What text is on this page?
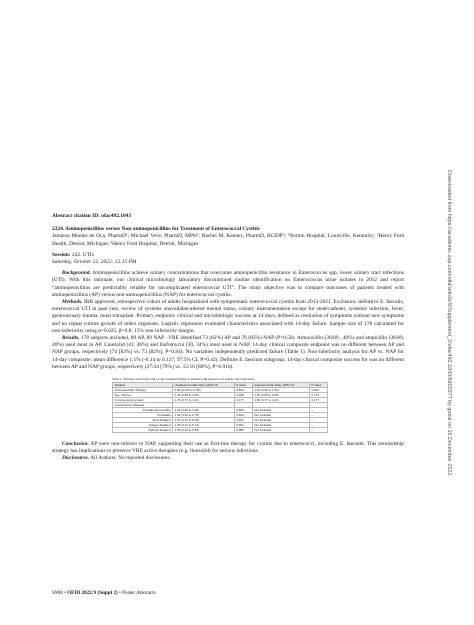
Abstract citation ID: ofac492.1843

2224. Aminopenicillins versus Non-aminopenicillins for Treatment of Enterococcal Cystitis

Jamison Montes de Oca, PharmD¹; Michael Veve, PharmD, MPH²; Rachel M. Kenney, PharmD, BCIDP³; ¹Norton Hospital, Louisville, Kentucky; ²Henry Ford Health, Detroit, Michigan; ³Henry Ford Hospital, Detroit, Michigan

Session: 242. UTIs

Saturday, October 22, 2022: 12:15 PM

Background. Aminopenicillins achieve urinary concentrations that overcome aminopenicillin resistance in Enterococcus spp. lower urinary tract infections (UTI). With this rationale, our clinical microbiology laboratory discontinued routine identification on Enterococcus urine isolates in 2012 and report “aminopenicillins are predictably reliable for uncomplicated enterococcal UTI”. The study objective was to compare outcomes of patients treated with aminopenicillins (AP) versus non-aminopenicillins (NAP) for enterococcal cystitis.

Methods. IRB approved, retrospective cohort of adults hospitalized with symptomatic enterococcal cystitis from 2013-2021. Exclusion: definitive E. faecalis, enterococcal UTI in past year, review of systems unavailable/altered mental status, urinary instrumentation except for stent/catheter, systemic infection, fever, genitourinary trauma, renal transplant. Primary endpoint: clinical and microbiologic success at 14 days, defined as resolution of symptoms without new symptoms and no repeat culture growth of index organism. Logistic regression evaluated characteristics associated with 14-day failure. Sample size of 178 calculated for non-inferiority using α=0.025, β=0.8, 15% non-inferiority margin.

Results. 178 subjects included, 89 AP, 89 NAP . VRE identified 73 (82%) AP and 76 (85%) NAP (P=0.50). Amoxicillin (36/89 , 40%) and ampicillin (36/89, 40%) used most in AP. Linezolid (41, 46%) and fosfomycin (30, 34%) most used in NAP. 14-day clinical composite endpoint was no different between AP and NAP groups, respectively (74 [83%] vs. 73 [82%], P=0.84). No variables independently predicted failure (Table 1). Non-inferiority analysis for AP vs. NAP for 14-day composite: mean difference 1.1% (-0.14 to 0.127, 97.5% CI, P=0.42). Definite E. faecium subgroup: 14-day clinical composite success for was no different between AP and NAP groups, respectively (27/34 [79%] vs. 15/16 [80%], P=0.916).

Table 1. Variables associated with 14-day treatment failure in patients with enterococcal urinary tract infections.
Variable	Unadjusted Odds Ratio (95% CI)	P value	Adjusted Odds Ratio (95% CI)	P value
Aminopenicillin Therapy	0.92 (0.434 to 1.95)	0.844	1.04 (0.46 to 2.33)	0.934
Sex, Women	1.46 (0.59 to 3.60)	0.408	1.40 (0.55 to 3.59)	0.474
Immunocompromised	1.78 (0.77 to 4.11)	0.177	1.80 (0.77 to 4.21)	0.177
Genitourinary Disease				
Prostate Abnormality	1.44 (0.50 to 4.15)	0.500	Not Included	--
Prostatitis	1.04 (0.40 to 2.75)	0.934	Not Included	--
Stent Related	1.47 (0.31 to 6.93)	0.624	Not Included	--
Surgery Related	1.05 (0.12 to 9.13)	0.964	Not Included	--
Catheter Related	1.45 (0.36 to 5.83)	0.385	Not Included	--

Conclusion. AP were non-inferior to NAP, supporting their use as first-line therapy for cystitis due to enterococci, including E. faecium. This stewardship strategy has implications to preserve VRE active therapies (e.g. linezolid) for serious infections.

Disclosures. All Authors: No reported disclosures.

S908 • OFID 2022:9 (Suppl 2) • Poster Abstracts
Downloaded from https://academic.oup.com/ofid/article/9/Supplement_2/ofac492.1843/6903977 by guest on 16 December 2022
